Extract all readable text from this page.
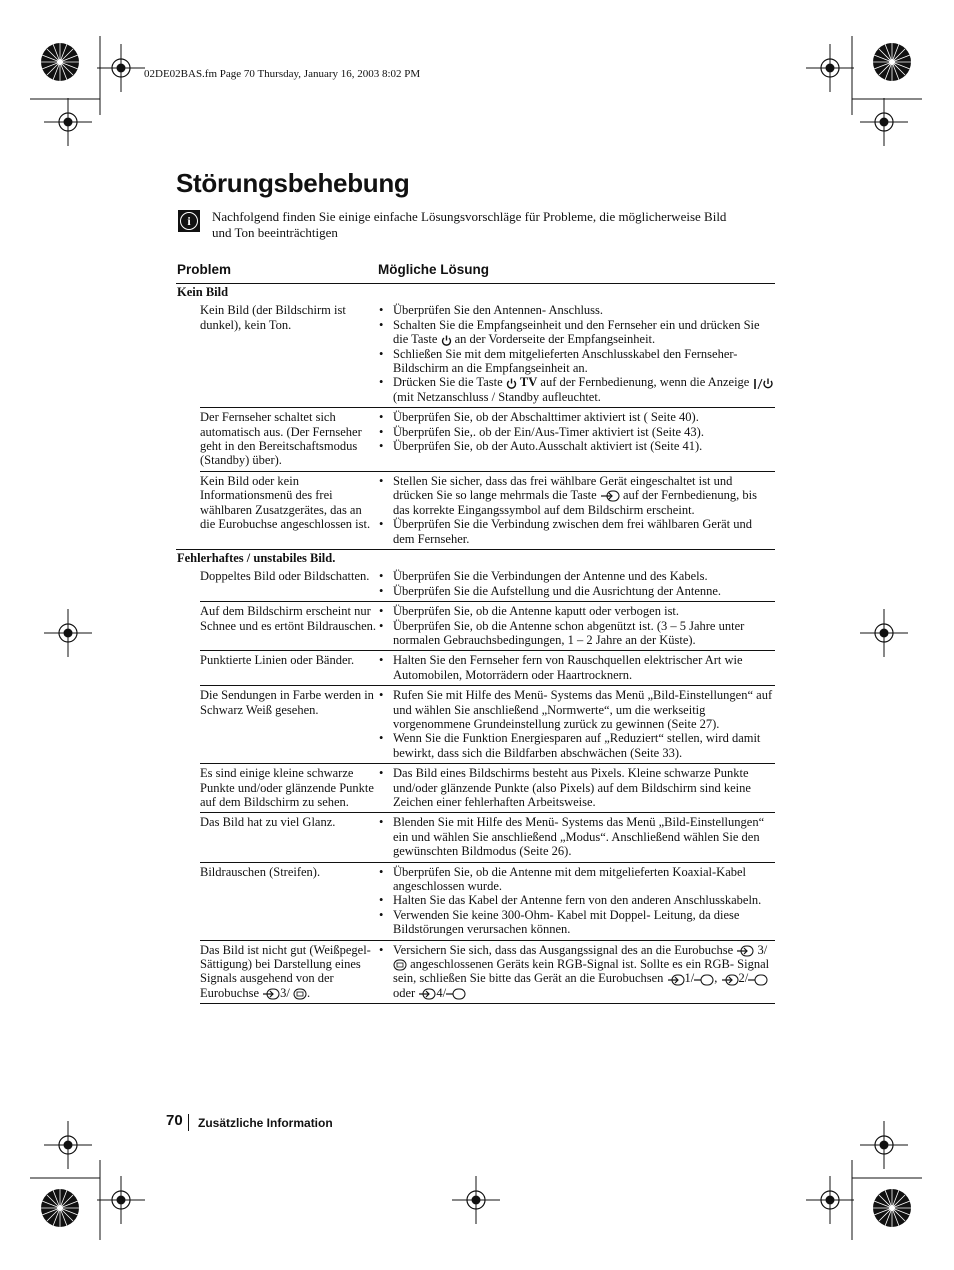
02DE02BAS.fm Page 70 Thursday, January 16, 2003 8:02 PM
Störungsbehebung
i	Nachfolgend finden Sie einige einfache Lösungsvorschläge für Probleme, die möglicherweise Bild und Ton beeinträchtigen
Problem	Mögliche Lösung
Kein Bild
Kein Bild (der Bildschirm ist dunkel), kein Ton.
• Überprüfen Sie den Antennen- Anschluss.
• Schalten Sie die Empfangseinheit und den Fernseher ein und drücken Sie die Taste an der Vorderseite der Empfangseinheit.
• Schließen Sie mit dem mitgelieferten Anschlusskabel den Fernseher- Bildschirm an die Empfangseinheit an.
• Drücken Sie die Taste TV auf der Fernbedienung, wenn die Anzeige  (mit Netzanschluss / Standby aufleuchtet.
Der Fernseher schaltet sich automatisch aus. (Der Fernseher geht in den Bereitschaftsmodus (Standby) über).
• Überprüfen Sie, ob der Abschalttimer aktiviert ist ( Seite 40).
• Überprüfen Sie,. ob der Ein/Aus-Timer aktiviert ist (Seite 43).
• Überprüfen Sie, ob der Auto.Ausschalt aktiviert ist (Seite 41).
Kein Bild oder kein Informationsmenü des frei wählbaren Zusatzgerätes, das an die Eurobuchse angeschlossen ist.
• Stellen Sie sicher, dass das frei wählbare Gerät eingeschaltet ist und drücken Sie so lange mehrmals die Taste auf der Fernbedienung, bis das korrekte Eingangssymbol auf dem Bildschirm erscheint.
• Überprüfen Sie die Verbindung zwischen dem frei wählbaren Gerät und dem Fernseher.
Fehlerhaftes / unstabiles Bild.
Doppeltes Bild oder Bildschatten.	• Überprüfen Sie die Verbindungen der Antenne und des Kabels.
• Überprüfen Sie die Aufstellung und die Ausrichtung der Antenne.
Auf dem Bildschirm erscheint nur Schnee und es ertönt Bildrauschen.
• Überprüfen Sie, ob die Antenne kaputt oder verbogen ist.
• Überprüfen Sie, ob die Antenne schon abgenützt ist. (3 – 5 Jahre unter normalen Gebrauchsbedingungen, 1 – 2 Jahre an der Küste).
Punktierte Linien oder Bänder.	• Halten Sie den Fernseher fern von Rauschquellen elektrischer Art wie Automobilen, Motorrädern oder Haartrocknern.
Die Sendungen in Farbe werden in Schwarz Weiß gesehen.
• Rufen Sie mit Hilfe des Menü- Systems das Menü „Bild-Einstellungen“ auf und wählen Sie anschließend „Normwerte“, um die werkseitig vorgenommene Grundeinstellung zurück zu gewinnen (Seite 27).
• Wenn Sie die Funktion Energiesparen auf „Reduziert“ stellen, wird damit bewirkt, dass sich die Bildfarben abschwächen (Seite 33).
Es sind einige kleine schwarze Punkte und/oder glänzende Punkte auf dem Bildschirm zu sehen.
• Das Bild eines Bildschirms besteht aus Pixels. Kleine schwarze Punkte und/oder glänzende Punkte (also Pixels) auf dem Bildschirm sind keine Zeichen einer fehlerhaften Arbeitsweise.
Das Bild hat zu viel Glanz.	• Blenden Sie mit Hilfe des Menü- Systems das Menü „Bild-Einstellungen“ ein und wählen Sie anschließend „Modus“. Anschließend wählen Sie den gewünschten Bildmodus (Seite 26).
Bildrauschen (Streifen).	• Überprüfen Sie, ob die Antenne mit dem mitgelieferten Koaxial-Kabel angeschlossen wurde.
• Halten Sie das Kabel der Antenne fern von den anderen Anschlusskabeln.
• Verwenden Sie keine 300-Ohm- Kabel mit Doppel- Leitung, da diese Bildstörungen verursachen können.
Das Bild ist nicht gut (Weißpegel- Sättigung) bei Darstellung eines Signals ausgehend von der Eurobuchse 3/ .
• Versichern Sie sich, dass das Ausgangssignal des an die Eurobuchse 3/  angeschlossenen Geräts kein RGB-Signal ist. Sollte es ein RGB- Signal sein, schließen Sie bitte das Gerät an die Eurobuchsen 1/ , 2/ oder 4/
70 Zusätzliche Information
